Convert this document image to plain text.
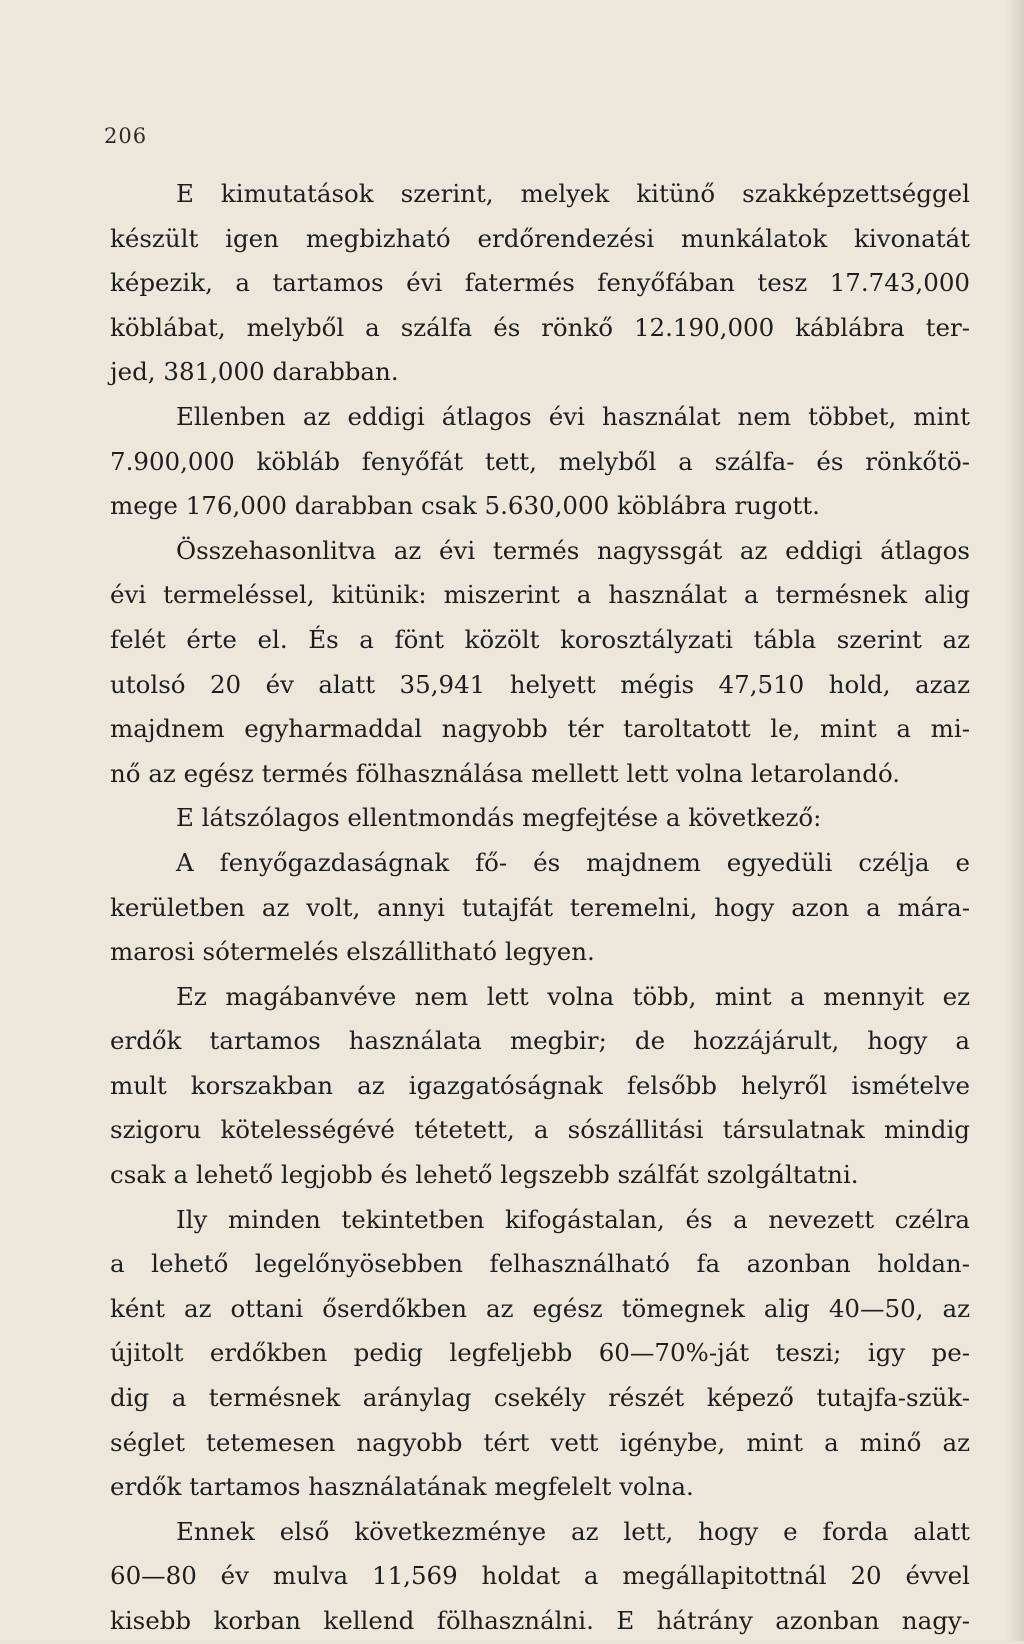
206
E kimutatások szerint, melyek kitünő szakképzettséggel
készült igen megbizható erdőrendezési munkálatok kivonatát
képezik, a tartamos évi fatermés fenyőfában tesz 17.743,000
köblábat, melyből a szálfa és rönkő 12.190,000 káblábra ter-
jed, 381,000 darabban.
Ellenben az eddigi átlagos évi használat nem többet, mint
7.900,000 köbláb fenyőfát tett, melyből a szálfa- és rönkőtö-
mege 176,000 darabban csak 5.630,000 köblábra rugott.
Összehasonlitva az évi termés nagyssgát az eddigi átlagos
évi termeléssel, kitünik: miszerint a használat a termésnek alig
felét érte el. És a fönt közölt korosztályzati tábla szerint az
utolsó 20 év alatt 35,941 helyett mégis 47,510 hold, azaz
majdnem egyharmaddal nagyobb tér taroltatott le, mint a mi-
nő az egész termés fölhasználása mellett lett volna letarolandó.
E látszólagos ellentmondás megfejtése a következő:
A fenyőgazdaságnak fő- és majdnem egyedüli czélja e
kerületben az volt, annyi tutajfát teremelni, hogy azon a mára-
marosi sótermelés elszállitható legyen.
Ez magábanvéve nem lett volna több, mint a mennyit ez
erdők tartamos használata megbir; de hozzájárult, hogy a
mult korszakban az igazgatóságnak felsőbb helyről ismételve
szigoru kötelességévé tétetett, a sószállitási társulatnak mindig
csak a lehető legjobb és lehető legszebb szálfát szolgáltatni.
Ily minden tekintetben kifogástalan, és a nevezett czélra
a lehető legelőnyösebben felhasználható fa azonban holdan-
ként az ottani őserdőkben az egész tömegnek alig 40—50, az
újitolt erdőkben pedig legfeljebb 60—70%-ját teszi; igy pe-
dig a termésnek aránylag csekély részét képező tutajfa-szük-
séglet tetemesen nagyobb tért vett igénybe, mint a minő az
erdők tartamos használatának megfelelt volna.
Ennek első következménye az lett, hogy e forda alatt
60—80 év mulva 11,569 holdat a megállapitottnál 20 évvel
kisebb korban kellend fölhasználni. E hátrány azonban nagy-
